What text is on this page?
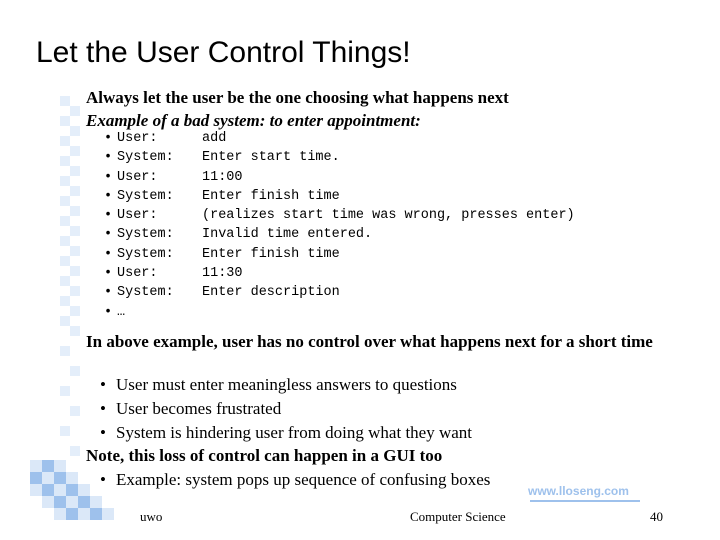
Let the User Control Things!
Always let the user be the one choosing what happens next
Example of a bad system: to enter appointment:
• User:	add
• System: Enter start time.
• User:	11:00
• System: Enter finish time
• User:	(realizes start time was wrong, presses enter)
• System: Invalid time entered.
• System: Enter finish time
• User:	11:30
• System: Enter description
• …
In above example, user has no control over what happens next for a short time
• User must enter meaningless answers to questions
• User becomes frustrated
• System is hindering user from doing what they want
Note, this loss of control can happen in a GUI too
• Example: system pops up sequence of confusing boxes
www.lloseng.com
uwo	Computer Science	40
